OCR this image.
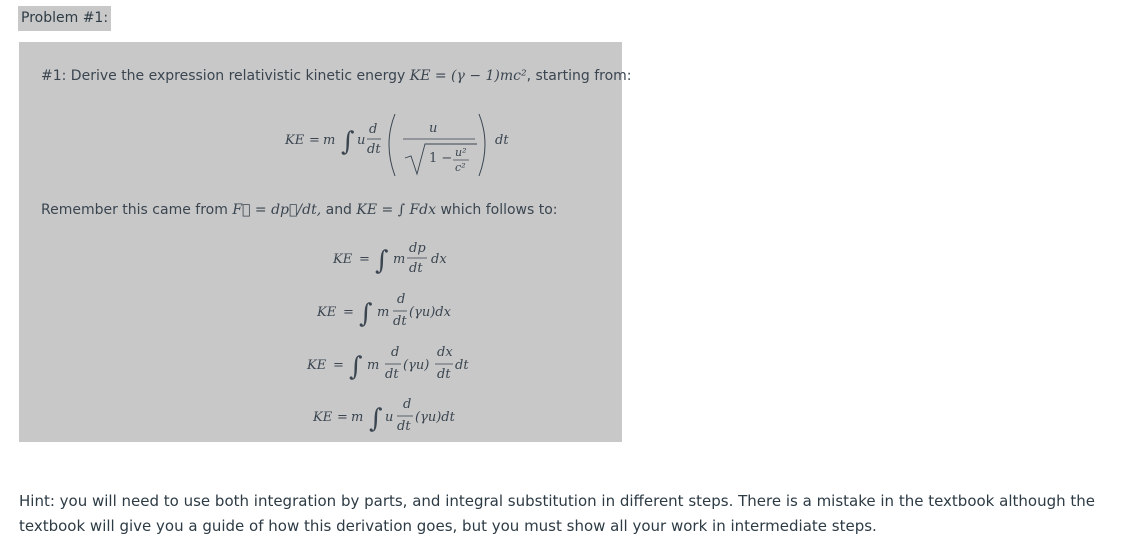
Problem #1:
#1: Derive the expression relativistic kinetic energy KE = (γ − 1)mc², starting from:
KE = m ∫ u
d
dt
u
1 − u²
c²
dt
Remember this came from F⃗ = dp⃗/dt, and KE = ∫ Fdx which follows to:
KE = ∫ m
dp
dt
dx
KE = ∫ m
d
dt
(γu)dx
KE = ∫ m
d
dt
(γu)
dx
dt
dt
KE = m ∫ u
d
dt
(γu)dt
Hint: you will need to use both integration by parts, and integral substitution in different steps. There is a mistake in the textbook although the textbook will give you a guide of how this derivation goes, but you must show all your work in intermediate steps.
